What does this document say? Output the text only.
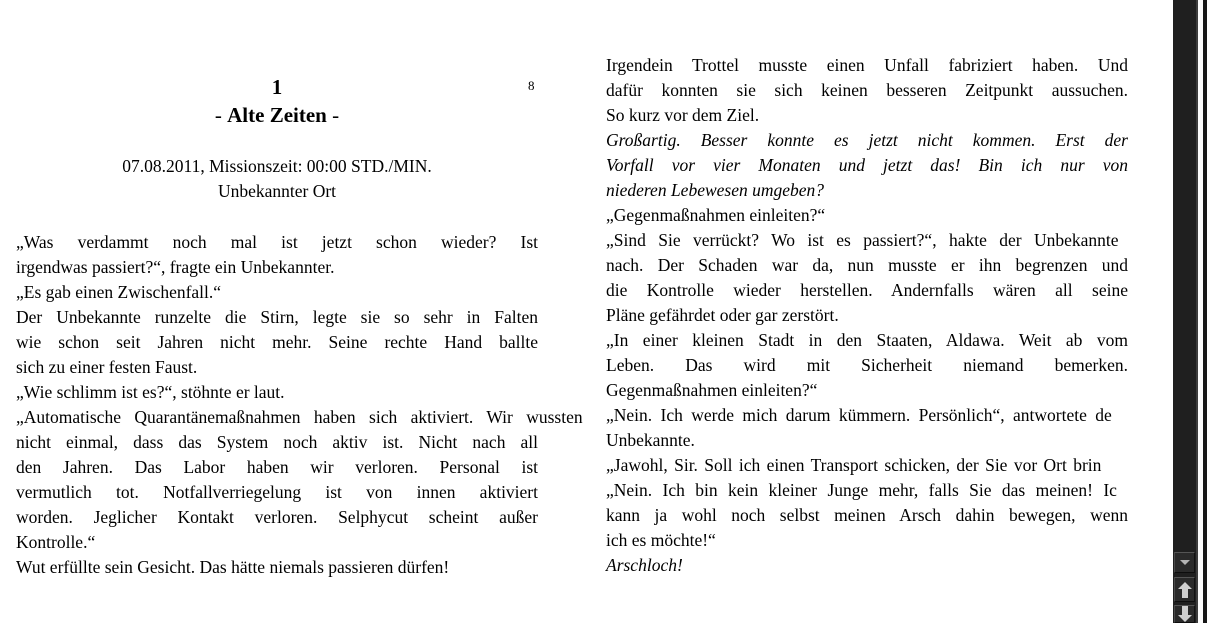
1	8
- Alte Zeiten -
07.08.2011, Missionszeit: 00:00 STD./MIN.
Unbekannter Ort
„Was verdammt noch mal ist jetzt schon wieder? Ist
irgendwas passiert?“, fragte ein Unbekannter.
„Es gab einen Zwischenfall.“
Der Unbekannte runzelte die Stirn, legte sie so sehr in Falten
wie schon seit Jahren nicht mehr. Seine rechte Hand ballte
sich zu einer festen Faust.
„Wie schlimm ist es?“, stöhnte er laut.
„Automatische Quarantänemaßnahmen haben sich aktiviert. Wir wussten
nicht einmal, dass das System noch aktiv ist. Nicht nach all
den Jahren. Das Labor haben wir verloren. Personal ist
vermutlich tot. Notfallverriegelung ist von innen aktiviert
worden. Jeglicher Kontakt verloren. Selphycut scheint außer
Kontrolle.“
Wut erfüllte sein Gesicht. Das hätte niemals passieren dürfen!
Irgendein Trottel musste einen Unfall fabriziert haben. Und
dafür konnten sie sich keinen besseren Zeitpunkt aussuchen.
So kurz vor dem Ziel.
Großartig. Besser konnte es jetzt nicht kommen. Erst der
Vorfall vor vier Monaten und jetzt das! Bin ich nur von
niederen Lebewesen umgeben?
„Gegenmaßnahmen einleiten?“
„Sind Sie verrückt? Wo ist es passiert?“, hakte der Unbekannte
nach. Der Schaden war da, nun musste er ihn begrenzen und
die Kontrolle wieder herstellen. Andernfalls wären all seine
Pläne gefährdet oder gar zerstört.
„In einer kleinen Stadt in den Staaten, Aldawa. Weit ab vom
Leben. Das wird mit Sicherheit niemand bemerken.
Gegenmaßnahmen einleiten?“
„Nein. Ich werde mich darum kümmern. Persönlich“, antwortete de
Unbekannte.
„Jawohl, Sir. Soll ich einen Transport schicken, der Sie vor Ort brin
„Nein. Ich bin kein kleiner Junge mehr, falls Sie das meinen! Ic
kann ja wohl noch selbst meinen Arsch dahin bewegen, wenn
ich es möchte!“
Arschloch!
